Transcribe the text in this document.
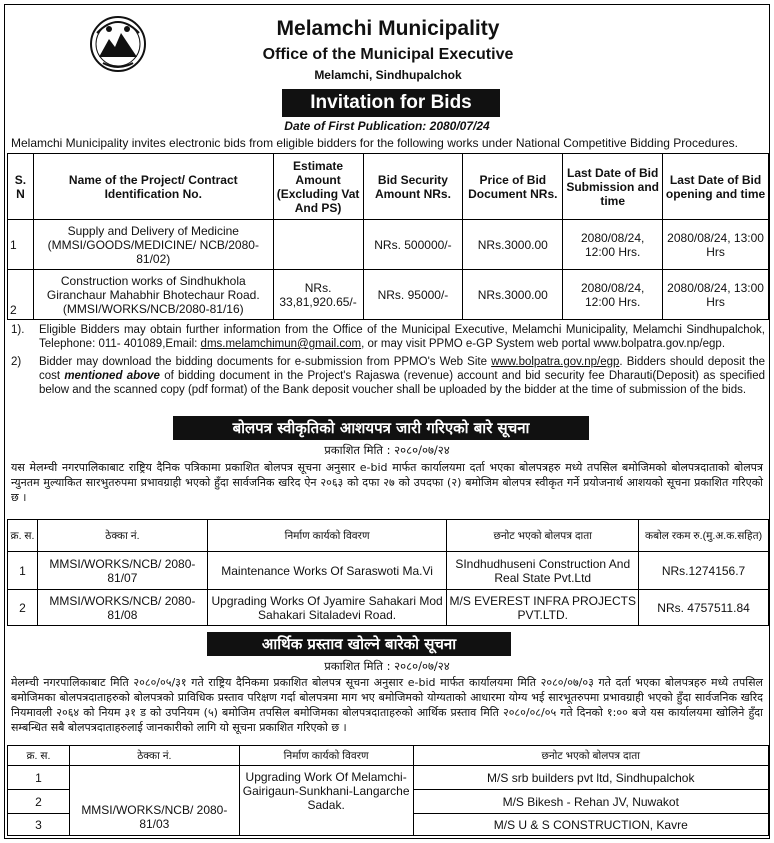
Melamchi Municipality
Office of the Municipal Executive
Melamchi, Sindhupalchok
Invitation for Bids
Date of First Publication: 2080/07/24
Melamchi Municipality invites electronic bids from eligible bidders for the following works under National Competitive Bidding Procedures.
S. N	Name of the Project/ Contract Identification No.	Estimate Amount (Excluding Vat And PS)	Bid Security Amount NRs.	Price of Bid Document NRs.	Last Date of Bid Submission and time	Last Date of Bid opening and time
1	Supply and Delivery of Medicine (MMSI/GOODS/MEDICINE/ NCB/2080-81/02)		NRs. 500000/-	NRs.3000.00	2080/08/24, 12:00 Hrs.	2080/08/24, 13:00 Hrs
2	Construction works of Sindhukhola Giranchaur Mahabhir Bhotechaur Road. (MMSI/WORKS/NCB/2080-81/16)	NRs. 33,81,920.65/-	NRs. 95000/-	NRs.3000.00	2080/08/24, 12:00 Hrs.	2080/08/24, 13:00 Hrs
1). Eligible Bidders may obtain further information from the Office of the Municipal Executive, Melamchi Municipality, Melamchi Sindhupalchok, Telephone: 011- 401089,Email: dms.melamchimun@gmail.com, or may visit PPMO e-GP System web portal www.bolpatra.gov.np/egp.
2) Bidder may download the bidding documents for e-submission from PPMO's Web Site www.bolpatra.gov.np/egp. Bidders should deposit the cost mentioned above of bidding document in the Project's Rajaswa (revenue) account and bid security fee Dharauti(Deposit) as specified below and the scanned copy (pdf format) of the Bank deposit voucher shall be uploaded by the bidder at the time of submission of the bids.
बोलपत्र स्वीकृतिको आशयपत्र जारी गरिएको बारे सूचना
प्रकाशित मिति : २०८०/०७/२४
यस मेलम्ची नगरपालिकाबाट राष्ट्रिय दैनिक पत्रिकामा प्रकाशित बोलपत्र सूचना अनुसार e-bid मार्फत कार्यालयमा दर्ता भएका बोलपत्रहरु मध्ये तपसिल बमोजिमको बोलपत्रदाताको बोलपत्र न्युनतम मुल्याकित सारभुतरुपमा प्रभावग्राही भएको हुँदा सार्वजनिक खरिद ऐन २०६३ को दफा २७ को उपदफा (२) बमोजिम बोलपत्र स्वीकृत गर्ने प्रयोजनार्थ आशयको सूचना प्रकाशित गरिएको छ ।
क्र. स.	ठेक्का नं.	निर्माण कार्यको विवरण	छनोट भएको बोलपत्र दाता	कबोल रकम रु.(मु.अ.क.सहित)
1	MMSI/WORKS/NCB/ 2080-81/07	Maintenance Works Of Saraswoti Ma.Vi	SIndhudhuseni Construction And Real State Pvt.Ltd	NRs.1274156.7
2	MMSI/WORKS/NCB/ 2080-81/08	Upgrading Works Of Jyamire Sahakari Mod Sahakari Sitaladevi Road.	M/S EVEREST INFRA PROJECTS PVT.LTD.	NRs. 4757511.84
आर्थिक प्रस्ताव खोल्ने बारेको सूचना
प्रकाशित मिति : २०८०/०७/२४
मेलम्ची नगरपालिकाबाट मिति २०८०/०५/३१ गते राष्ट्रिय दैनिकमा प्रकाशित बोलपत्र सूचना अनुसार e-bid मार्फत कार्यालयमा मिति २०८०/०७/०३ गते दर्ता भएका बोलपत्रहरु मध्ये तपसिल बमोजिमका बोलपत्रदाताहरुको बोलपत्रको प्राविधिक प्रस्ताव परिक्षण गर्दा बोलपत्रमा माग भए बमोजिमको योग्यताको आधारमा योग्य भई सारभूतरुपमा प्रभावग्राही भएको हुँदा सार्वजनिक खरिद नियमावली २०६४ को नियम ३१ ड को उपनियम (५) बमोजिम तपसिल बमोजिमका बोलपत्रदाताहरुको आर्थिक प्रस्ताव मिति २०८०/०८/०५ गते दिनको १:०० बजे यस कार्यालयमा खोलिने हुँदा सम्बन्धित सबै बोलपत्रदाताहरुलाई जानकारीको लागि यो सूचना प्रकाशित गरिएको छ ।
क्र. स.	ठेक्का नं.	निर्माण कार्यको विवरण	छनोट भएको बोलपत्र दाता
1	MMSI/WORKS/NCB/ 2080-81/03	Upgrading Work Of Melamchi-Gairigaun-Sunkhani-Langarche Sadak.	M/S srb builders pvt ltd, Sindhupalchok
2			M/S Bikesh - Rehan JV, Nuwakot
3			M/S U & S CONSTRUCTION, Kavre
